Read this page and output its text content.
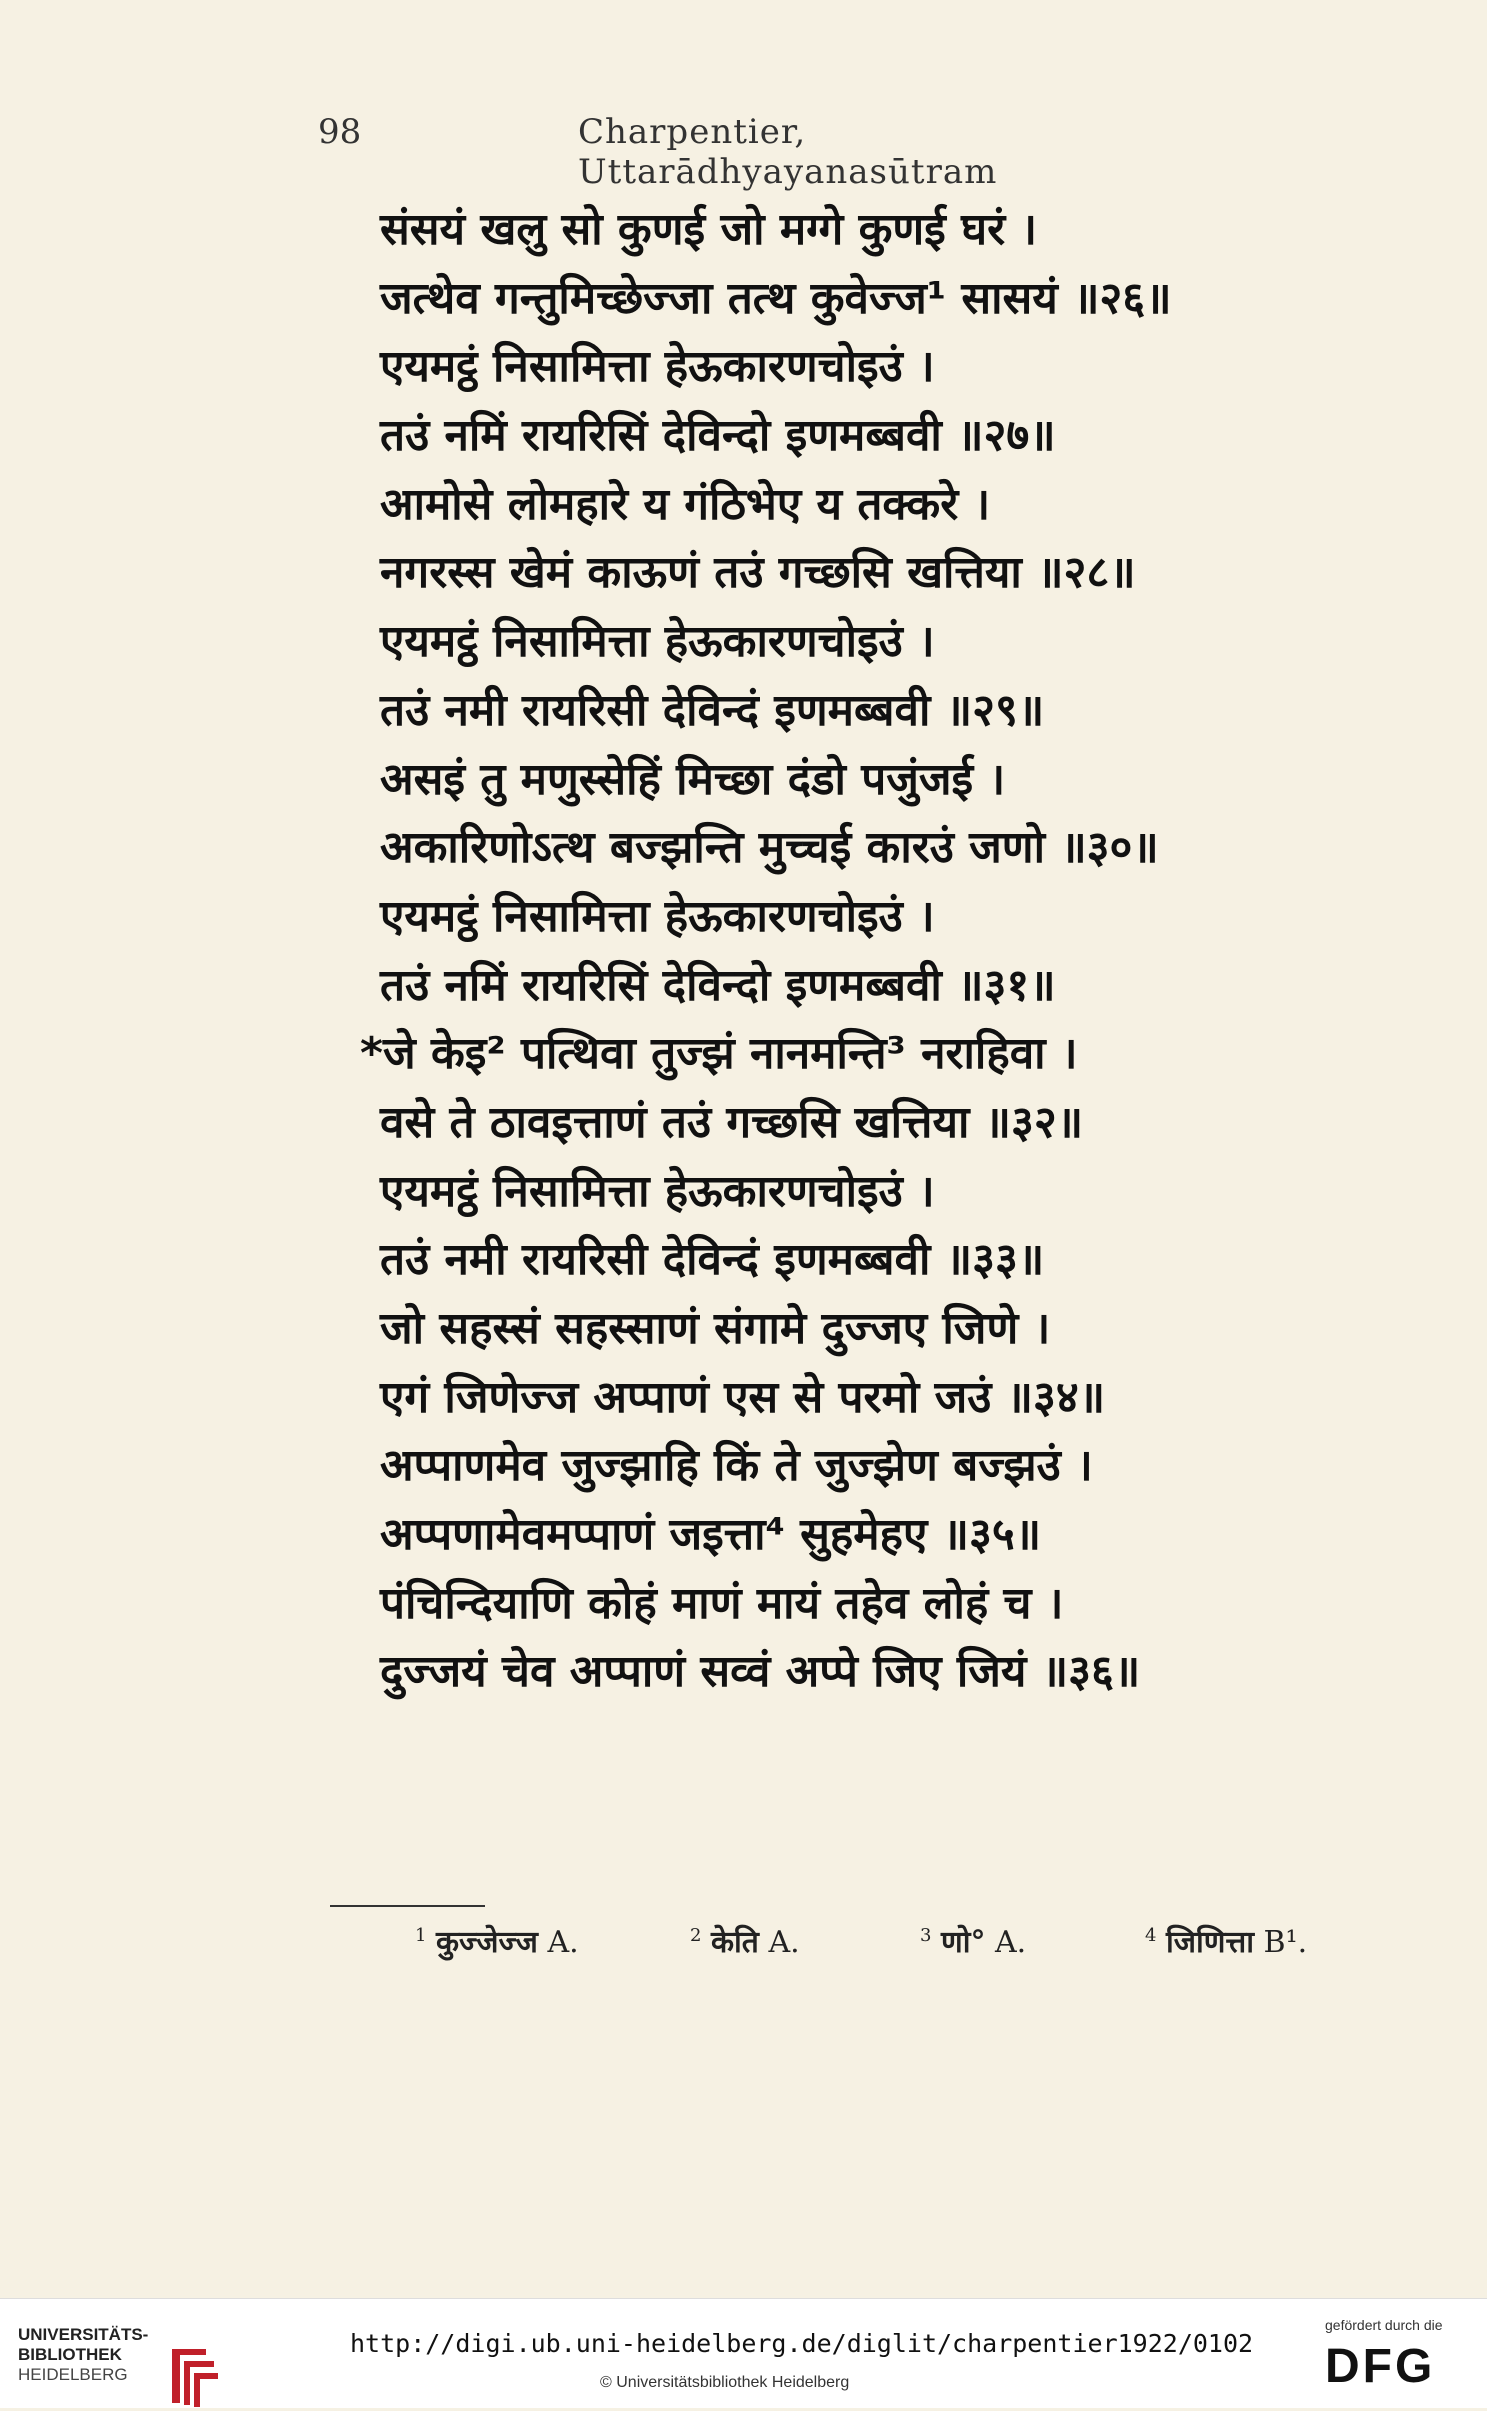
98	Charpentier, Uttarādhyayanasūtram
संसयं खलु सो कुणई जो मग्गे कुणई घरं ।
जत्थेव गन्तुमिच्छेज्जा तत्थ कुवेज्ज¹ सासयं ॥२६॥
एयमट्ठं निसामित्ता हेऊकारणचोइउं ।
तउं नमिं रायरिसिं देविन्दो इणमब्बवी ॥२७॥
आमोसे लोमहारे य गंठिभेए य तक्करे ।
नगरस्स खेमं काऊणं तउं गच्छसि खत्तिया ॥२८॥
एयमट्ठं निसामित्ता हेऊकारणचोइउं ।
तउं नमी रायरिसी देविन्दं इणमब्बवी ॥२९॥
असइं तु मणुस्सेहिं मिच्छा दंडो पजुंजई ।
अकारिणोऽत्थ बज्झन्ति मुच्चई कारउं जणो ॥३०॥
एयमट्ठं निसामित्ता हेऊकारणचोइउं ।
तउं नमिं रायरिसिं देविन्दो इणमब्बवी ॥३१॥
*जे केइ² पत्थिवा तुज्झं नानमन्ति³ नराहिवा ।
वसे ते ठावइत्ताणं तउं गच्छसि खत्तिया ॥३२॥
एयमट्ठं निसामित्ता हेऊकारणचोइउं ।
तउं नमी रायरिसी देविन्दं इणमब्बवी ॥३३॥
जो सहस्सं सहस्साणं संगामे दुज्जए जिणे ।
एगं जिणेज्ज अप्पाणं एस से परमो जउं ॥३४॥
अप्पाणमेव जुज्झाहि किं ते जुज्झेण बज्झउं ।
अप्पणामेवमप्पाणं जइत्ता⁴ सुहमेहए ॥३५॥
पंचिन्दियाणि कोहं माणं मायं तहेव लोहं च ।
दुज्जयं चेव अप्पाणं सव्वं अप्पे जिए जियं ॥३६॥
$^1$ कुज्जेज्ज A.	$^2$ केति A.	$^3$ णो° A.	$^4$ जिणित्ता B¹.
UNIVERSITÄTS-
BIBLIOTHEK
HEIDELBERG
http://digi.ub.uni-heidelberg.de/diglit/charpentier1922/0102
© Universitätsbibliothek Heidelberg
gefördert durch die
DFG
